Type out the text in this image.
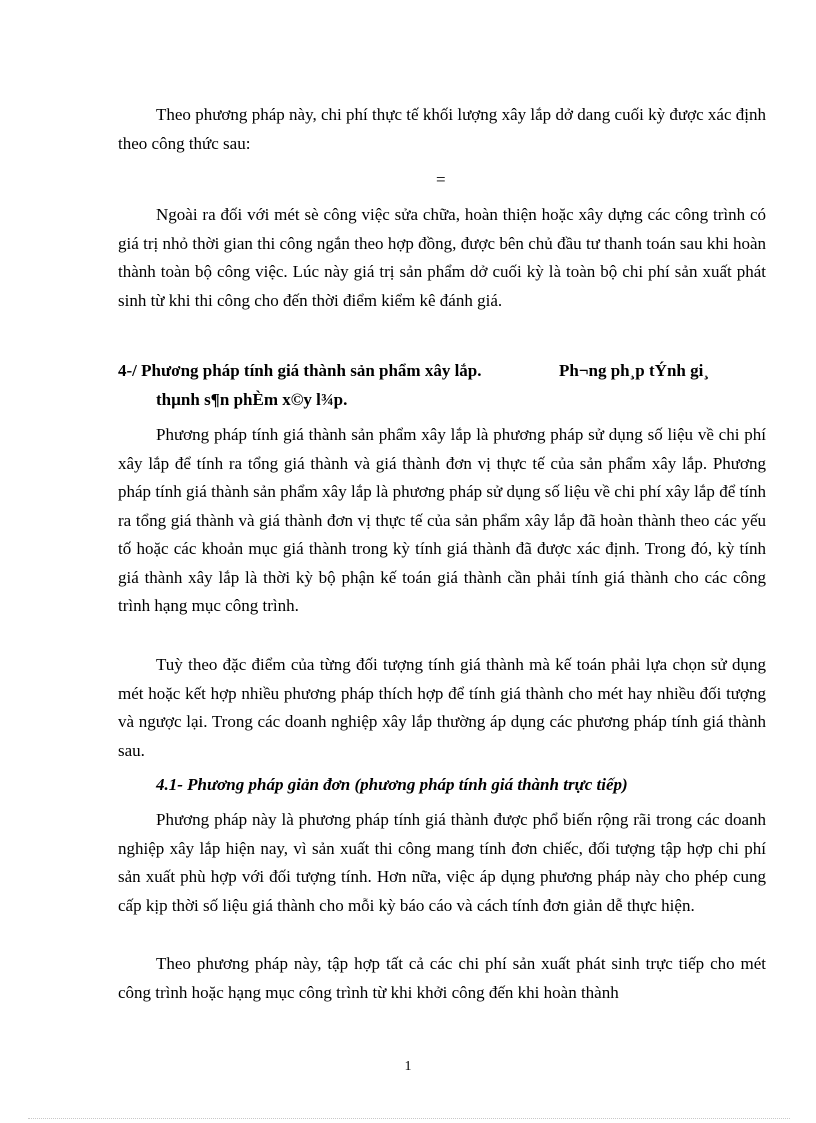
Theo phương pháp này, chi phí thực tế khối lượng xây lắp dở dang cuối kỳ được xác định theo công thức sau:

=

Ngoài ra đối với mét sè công việc sửa chữa, hoàn thiện hoặc xây dựng các công trình có giá trị nhỏ thời gian thi công ngắn theo hợp đồng, được bên chủ đầu tư thanh toán sau khi hoàn thành toàn bộ công việc. Lúc này giá trị sản phẩm dở cuối kỳ là toàn bộ chi phí sản xuất phát sinh từ khi thi công cho đến thời điểm kiểm kê đánh giá.

4-/ Phương pháp tính giá thành sản phẩm xây lắp.	Ph¬ng ph¸p tÝnh gi¸
thµnh s¶n phÈm x©y l¾p.

Phương pháp tính giá thành sản phẩm xây lắp là phương pháp sử dụng số liệu về chi phí xây lắp để tính ra tổng giá thành và giá thành đơn vị thực tế của sản phẩm xây lắp. Phương pháp tính giá thành sản phẩm xây lắp là phương pháp sử dụng số liệu về chi phí xây lắp để tính ra tổng giá thành và giá thành đơn vị thực tế của sản phẩm xây lắp đã hoàn thành theo các yếu tố hoặc các khoản mục giá thành trong kỳ tính giá thành đã được xác định. Trong đó, kỳ tính giá thành xây lắp là thời kỳ bộ phận kế toán giá thành cần phải tính giá thành cho các công trình hạng mục công trình.

Tuỳ theo đặc điểm của từng đối tượng tính giá thành mà kế toán phải lựa chọn sử dụng mét hoặc kết hợp nhiều phương pháp thích hợp để tính giá thành cho mét hay nhiều đối tượng và ngược lại. Trong các doanh nghiệp xây lắp thường áp dụng các phương pháp tính giá thành sau.

4.1- Phương pháp giản đơn (phương pháp tính giá thành trực tiếp)

Phương pháp này là phương pháp tính giá thành được phổ biến rộng rãi trong các doanh nghiệp xây lắp hiện nay, vì sản xuất thi công mang tính đơn chiếc, đối tượng tập hợp chi phí sản xuất phù hợp với đối tượng tính. Hơn nữa, việc áp dụng phương pháp này cho phép cung cấp kịp thời số liệu giá thành cho mỗi kỳ báo cáo và cách tính đơn giản dễ thực hiện.

Theo phương pháp này, tập hợp tất cả các chi phí sản xuất phát sinh trực tiếp cho mét công trình hoặc hạng mục công trình từ khi khởi công đến khi hoàn thành

1
